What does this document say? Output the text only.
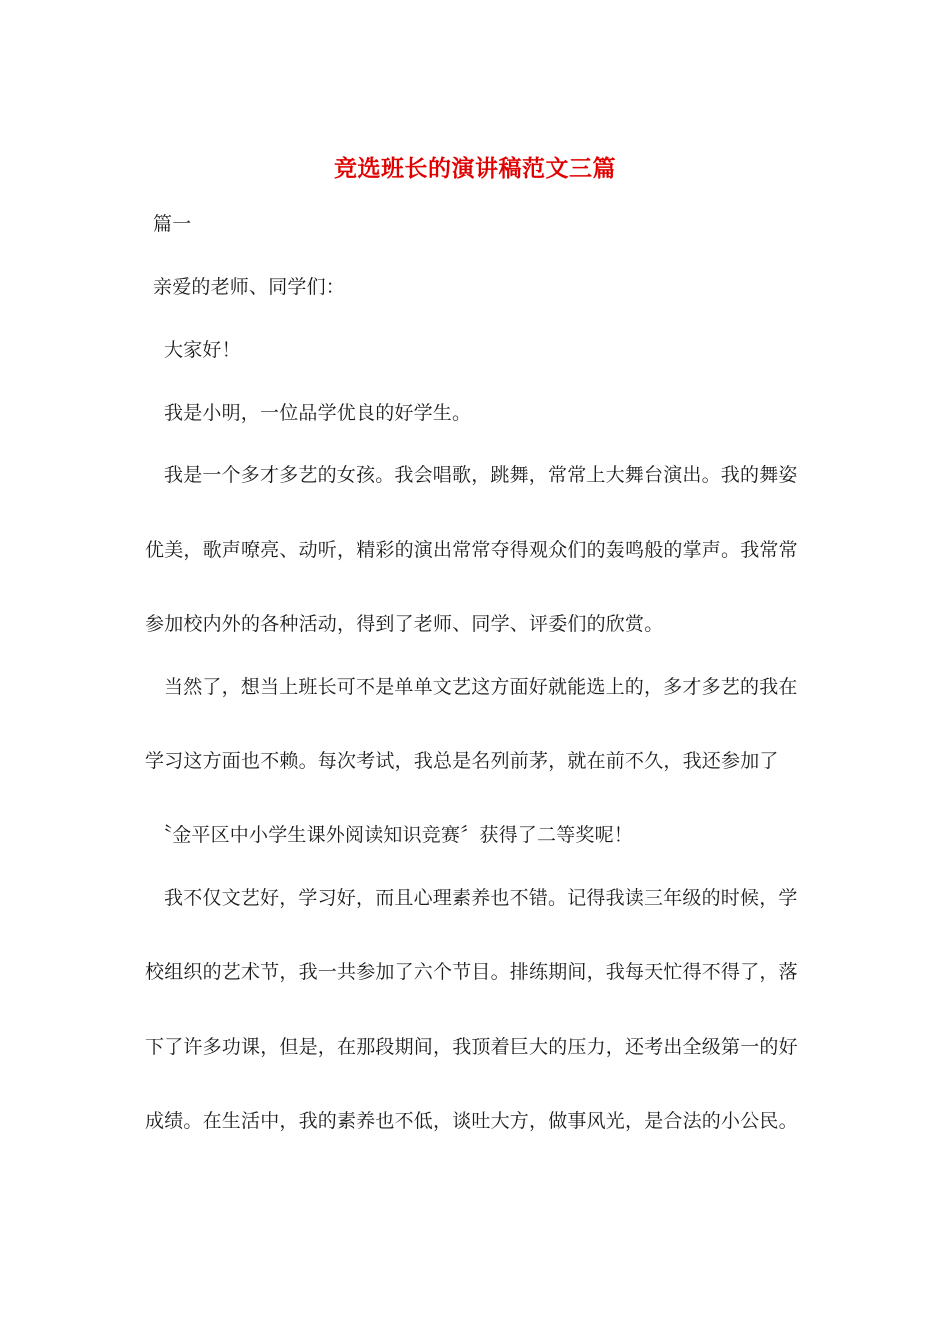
竞选班长的演讲稿范文三篇
篇一
亲爱的老师、同学们：
大家好！
我是小明，一位品学优良的好学生。
我是一个多才多艺的女孩。我会唱歌，跳舞，常常上大舞台演出。我的舞姿
优美，歌声嘹亮、动听，精彩的演出常常夺得观众们的轰鸣般的掌声。我常常
参加校内外的各种活动，得到了老师、同学、评委们的欣赏。
当然了，想当上班长可不是单单文艺这方面好就能选上的，多才多艺的我在
学习这方面也不赖。每次考试，我总是名列前茅，就在前不久，我还参加了
〝金平区中小学生课外阅读知识竞赛〞获得了二等奖呢！
我不仅文艺好，学习好，而且心理素养也不错。记得我读三年级的时候，学
校组织的艺术节，我一共参加了六个节目。排练期间，我每天忙得不得了，落
下了许多功课，但是，在那段期间，我顶着巨大的压力，还考出全级第一的好
成绩。在生活中，我的素养也不低，谈吐大方，做事风光，是合法的小公民。
